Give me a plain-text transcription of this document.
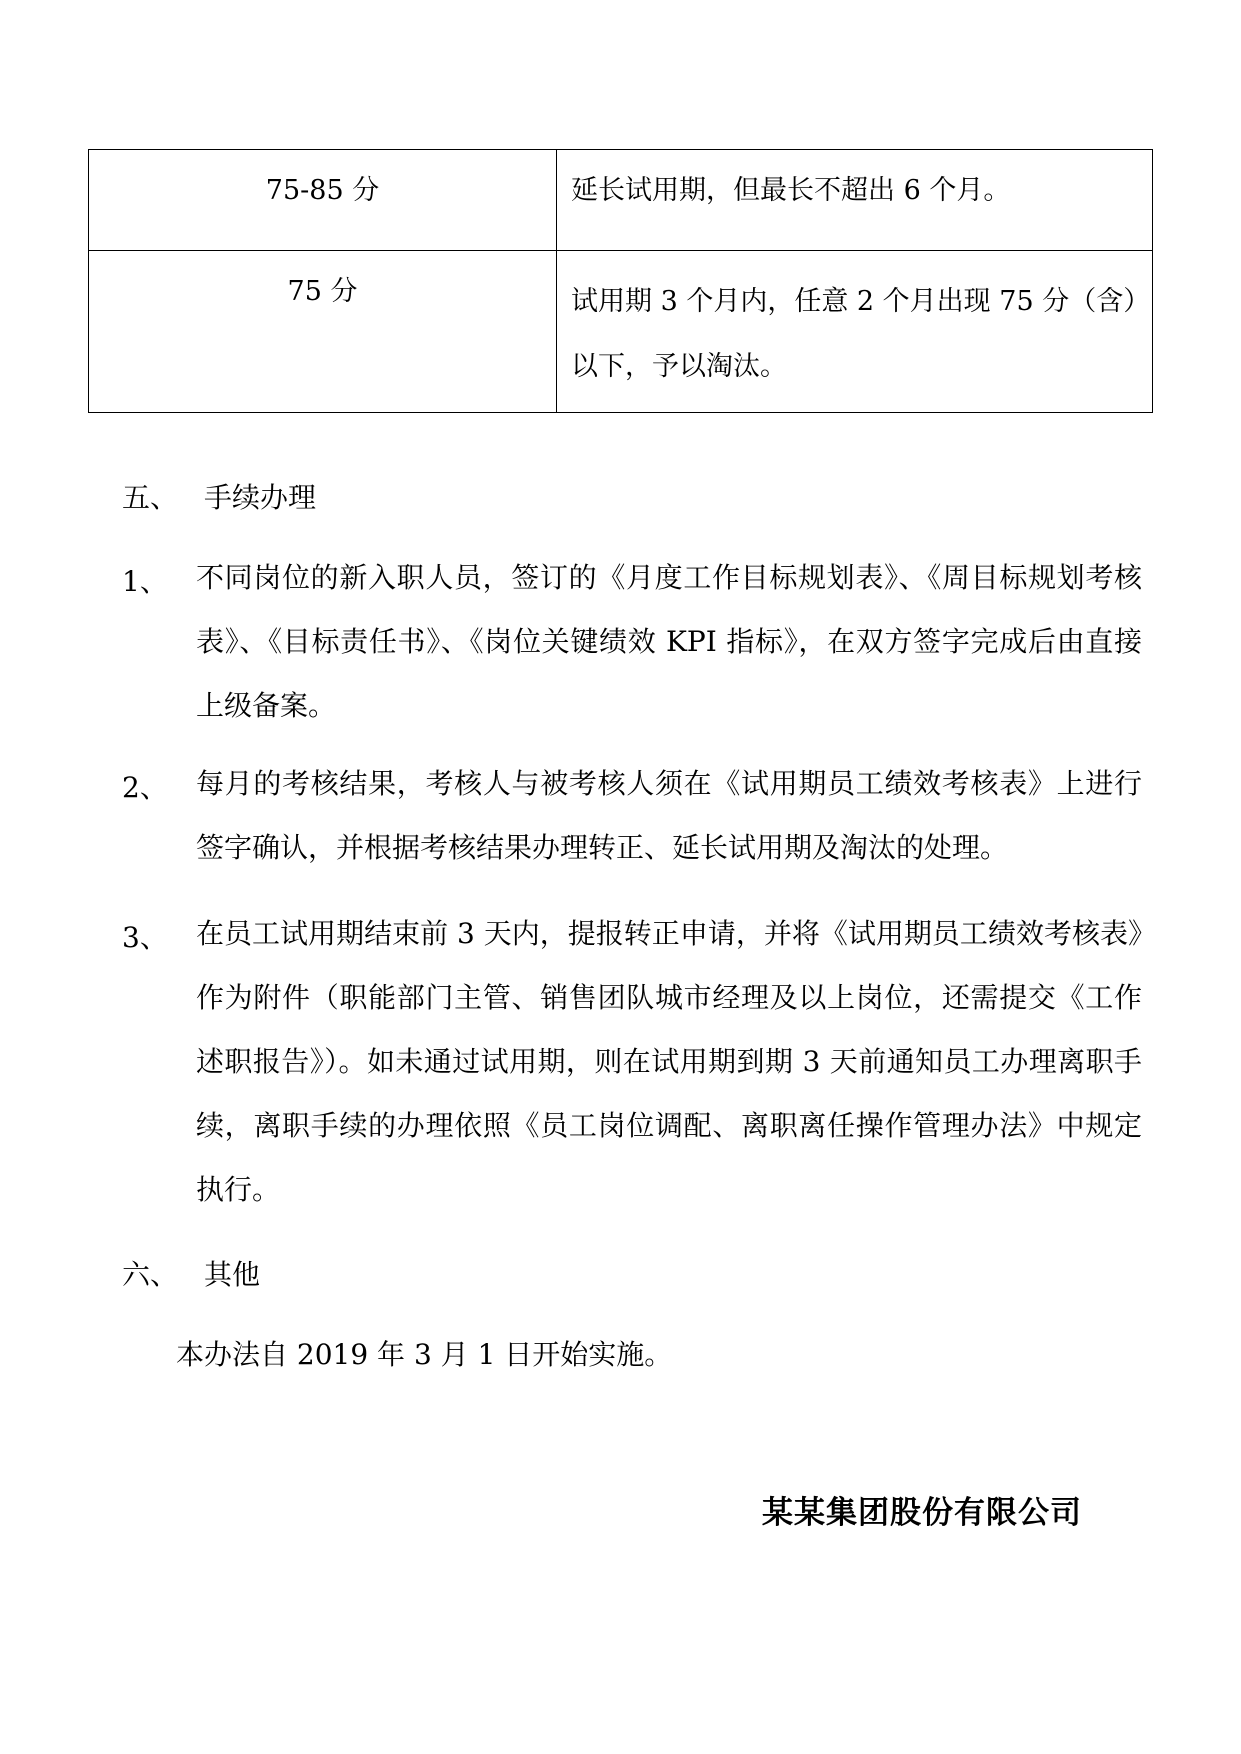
75-85 分	延长试用期，但最长不超出 6 个月。
75 分	试用期 3 个月内，任意 2 个月出现 75 分（含）以下，予以淘汰。
五、 手续办理
1、 不同岗位的新入职人员，签订的《月度工作目标规划表》、《周目标规划考核表》、《目标责任书》、《岗位关键绩效 KPI 指标》，在双方签字完成后由直接上级备案。
2、 每月的考核结果，考核人与被考核人须在《试用期员工绩效考核表》上进行签字确认，并根据考核结果办理转正、延长试用期及淘汰的处理。
3、 在员工试用期结束前 3 天内，提报转正申请，并将《试用期员工绩效考核表》作为附件（职能部门主管、销售团队城市经理及以上岗位，还需提交《工作述职报告》）。如未通过试用期，则在试用期到期 3 天前通知员工办理离职手续，离职手续的办理依照《员工岗位调配、离职离任操作管理办法》中规定执行。
六、 其他
本办法自 2019 年 3 月 1 日开始实施。
某某集团股份有限公司
